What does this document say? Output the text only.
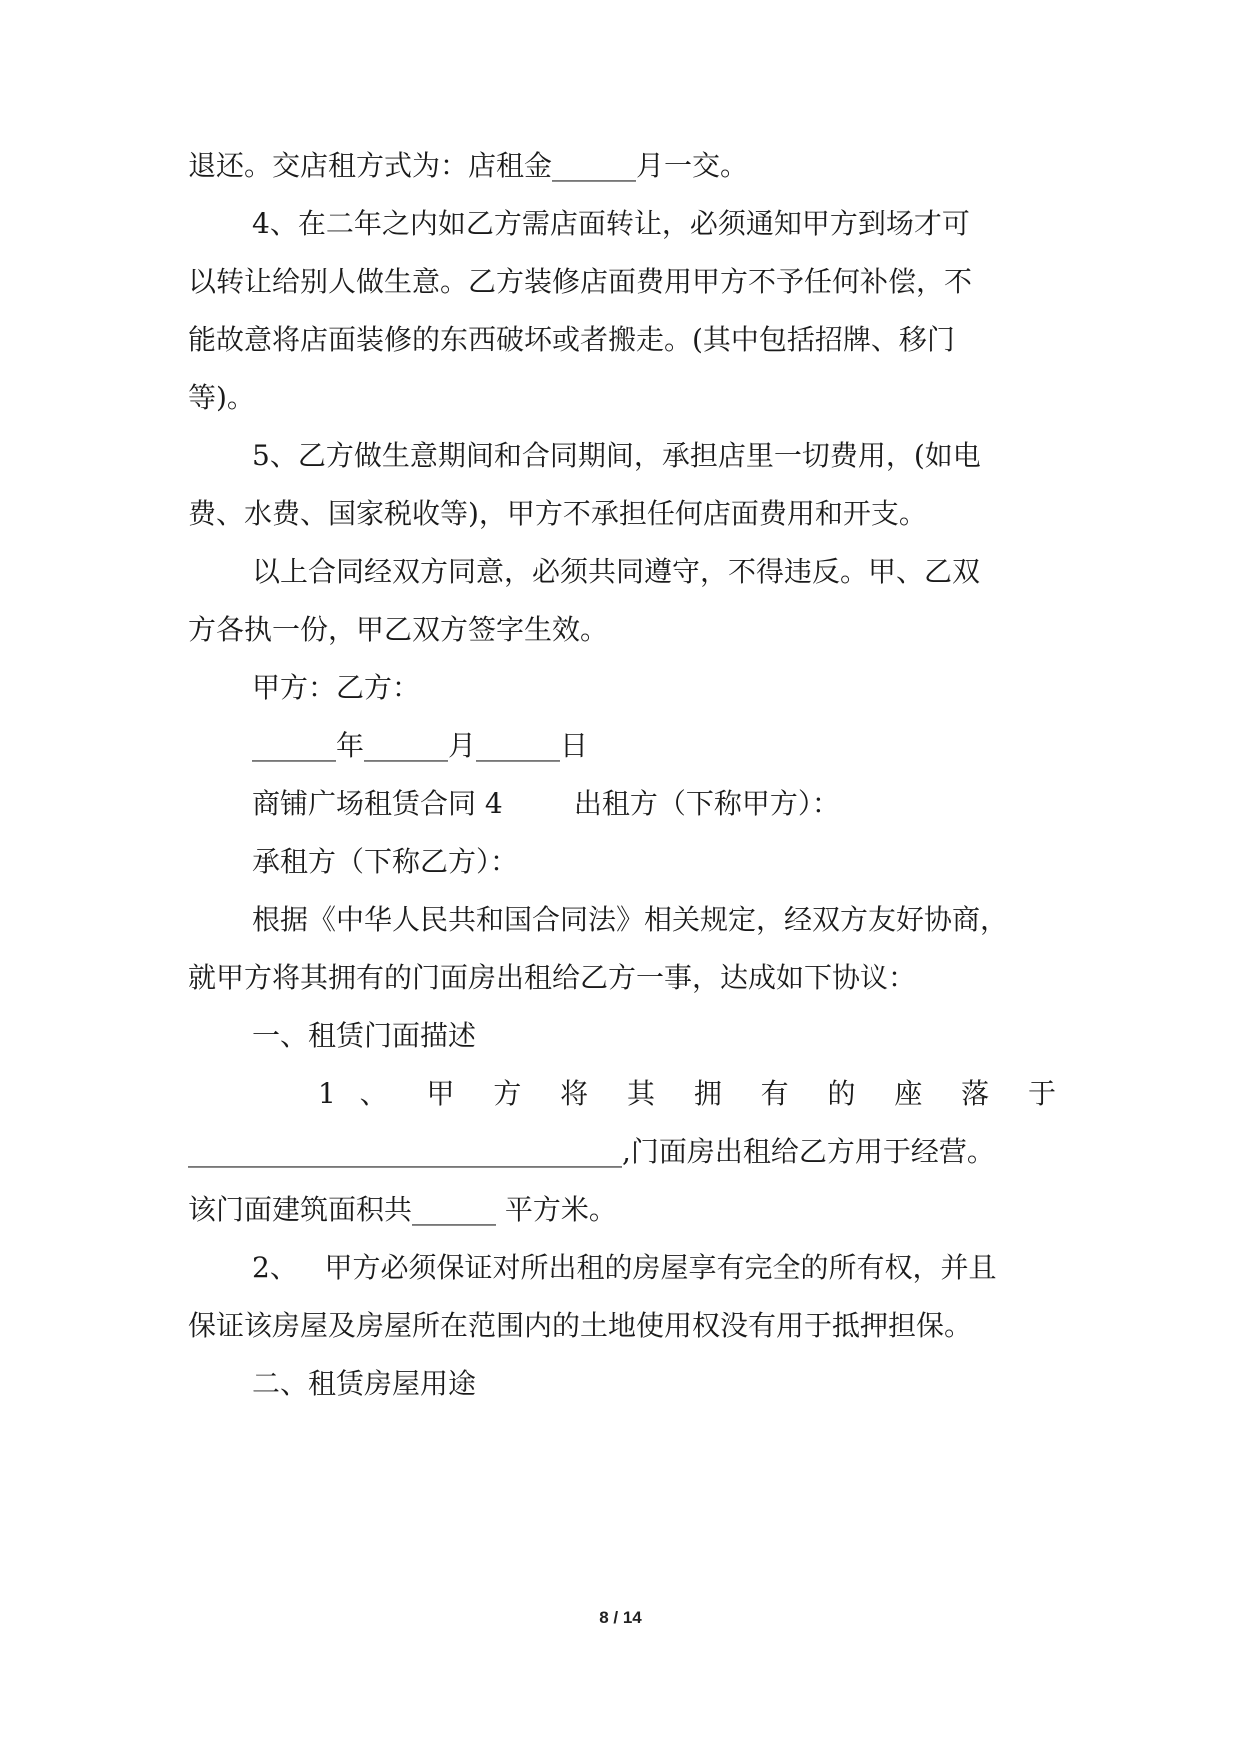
退还。交店租方式为：店租金______月一交。
4、在二年之内如乙方需店面转让，必须通知甲方到场才可
以转让给别人做生意。乙方装修店面费用甲方不予任何补偿，不
能故意将店面装修的东西破坏或者搬走。(其中包括招牌、移门
等)。
5、乙方做生意期间和合同期间，承担店里一切费用，(如电
费、水费、国家税收等)，甲方不承担任何店面费用和开支。
以上合同经双方同意，必须共同遵守，不得违反。甲、乙双
方各执一份，甲乙双方签字生效。
甲方：乙方：
______年______月______日
商铺广场租赁合同 4        出租方（下称甲方）：
承租方（下称乙方）：
根据《中华人民共和国合同法》相关规定，经双方友好协商，
就甲方将其拥有的门面房出租给乙方一事，达成如下协议：
一、租赁门面描述
1 、 甲 方 将 其 拥 有 的 座 落 于
_______________________________,门面房出租给乙方用于经营。
该门面建筑面积共______ 平方米。
2、   甲方必须保证对所出租的房屋享有完全的所有权，并且
保证该房屋及房屋所在范围内的土地使用权没有用于抵押担保。
二、租赁房屋用途
8 / 14
